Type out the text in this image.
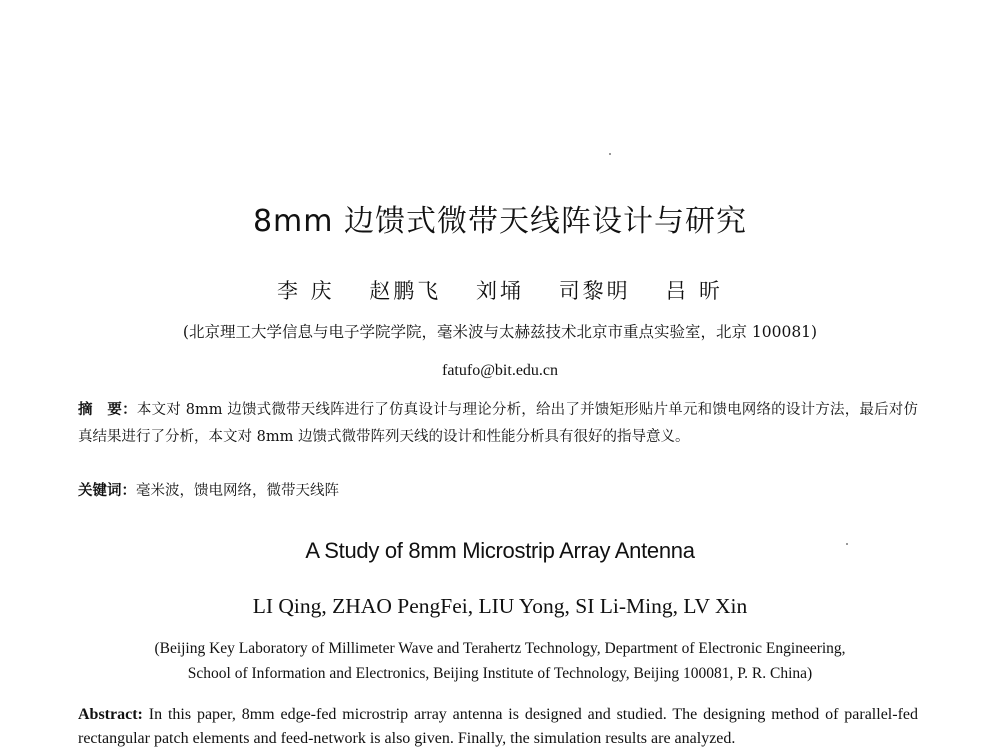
8mm 边馈式微带天线阵设计与研究
李 庆 赵鹏飞 刘埇 司黎明 吕 昕
(北京理工大学信息与电子学院学院，毫米波与太赫兹技术北京市重点实验室，北京 100081)
fatufo@bit.edu.cn
摘　要：本文对 8mm 边馈式微带天线阵进行了仿真设计与理论分析，给出了并馈矩形贴片单元和馈电网络的设计方法，最后对仿真结果进行了分析，本文对 8mm 边馈式微带阵列天线的设计和性能分析具有很好的指导意义。
关键词：毫米波，馈电网络，微带天线阵
A Study of 8mm Microstrip Array Antenna
LI Qing, ZHAO PengFei, LIU Yong, SI Li-Ming, LV Xin
(Beijing Key Laboratory of Millimeter Wave and Terahertz Technology, Department of Electronic Engineering,
School of Information and Electronics, Beijing Institute of Technology, Beijing 100081, P. R. China)
Abstract: In this paper, 8mm edge-fed microstrip array antenna is designed and studied. The designing method of parallel-fed rectangular patch elements and feed-network is also given. Finally, the simulation results are analyzed.
